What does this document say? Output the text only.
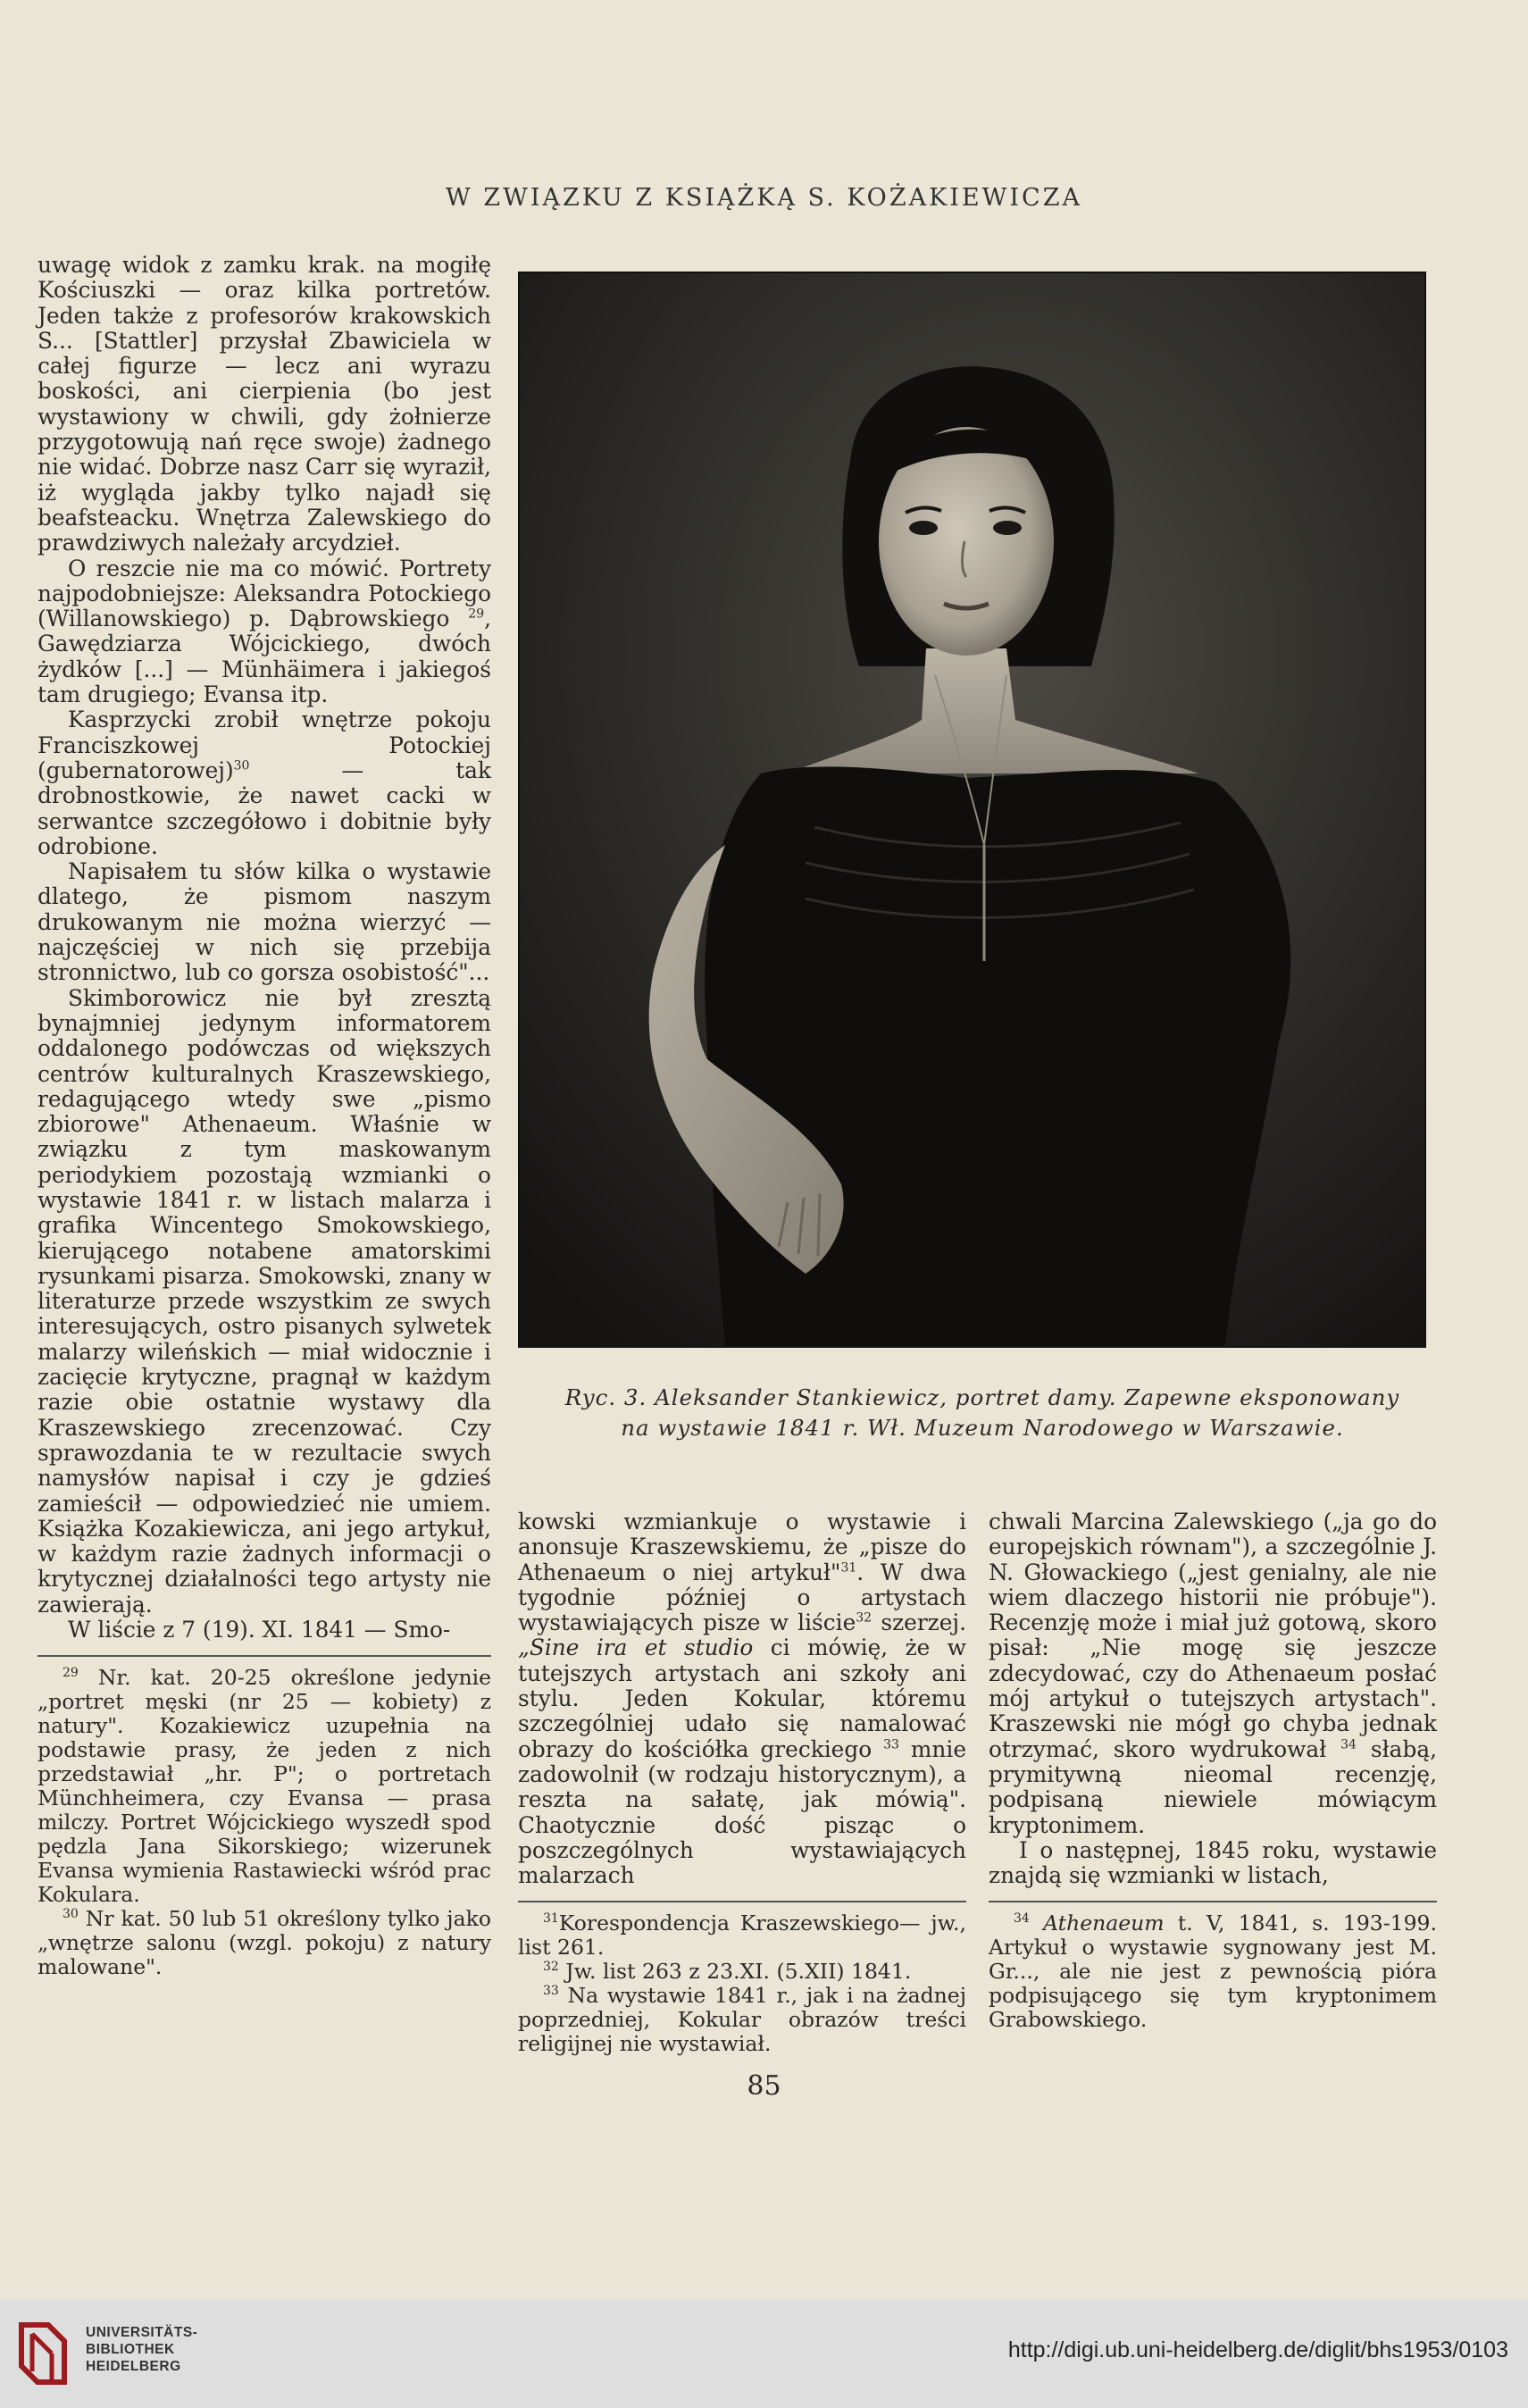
W ZWIĄZKU Z KSIĄŻKĄ S. KOŻAKIEWICZA

uwagę widok z zamku krak. na mogiłę Kościuszki — oraz kilka portretów. Jeden także z profesorów krakowskich S... [Stattler] przysłał Zbawiciela w całej figurze — lecz ani wyrazu boskości, ani cierpienia (bo jest wystawiony w chwili, gdy żołnierze przygotowują nań ręce swoje) żadnego nie widać. Dobrze nasz Carr się wyraził, iż wygląda jakby tylko najadł się beafsteacku. Wnętrza Zalewskiego do prawdziwych należały arcydzieł.

O reszcie nie ma co mówić. Portrety najpodobniejsze: Aleksandra Potockiego (Willanowskiego) p. Dąbrowskiego $^{29}$, Gawędziarza Wójcickiego, dwóch żydków [...] — Münhäimera i jakiegoś tam drugiego; Evansa itp.

Kasprzycki zrobił wnętrze pokoju Franciszkowej Potockiej (gubernatorowej)$^{30}$ — tak drobnostkowie, że nawet cacki w serwantce szczegółowo i dobitnie były odrobione.

Napisałem tu słów kilka o wystawie dlatego, że pismom naszym drukowanym nie można wierzyć — najczęściej w nich się przebija stronnictwo, lub co gorsza osobistość"...

Skimborowicz nie był zresztą bynajmniej jedynym informatorem oddalonego podówczas od większych centrów kulturalnych Kraszewskiego, redagującego wtedy swe „pismo zbiorowe" Athenaeum. Właśnie w związku z tym maskowanym periodykiem pozostają wzmianki o wystawie 1841 r. w listach malarza i grafika Wincentego Smokowskiego, kierującego notabene amatorskimi rysunkami pisarza. Smokowski, znany w literaturze przede wszystkim ze swych interesujących, ostro pisanych sylwetek malarzy wileńskich — miał widocznie i zacięcie krytyczne, pragnął w każdym razie obie ostatnie wystawy dla Kraszewskiego zrecenzować. Czy sprawozdania te w rezultacie swych namysłów napisał i czy je gdzieś zamieścił — odpowiedzieć nie umiem. Książka Kozakiewicza, ani jego artykuł, w każdym razie żadnych informacji o krytycznej działalności tego artysty nie zawierają.

W liście z 7 (19). XI. 1841 — Smo-

$^{29}$ Nr. kat. 20-25 określone jedynie „portret męski (nr 25 — kobiety) z natury". Kozakiewicz uzupełnia na podstawie prasy, że jeden z nich przedstawiał „hr. P"; o portretach Münchheimera, czy Evansa — prasa milczy. Portret Wójcickiego wyszedł spod pędzla Jana Sikorskiego; wizerunek Evansa wymienia Rastawiecki wśród prac Kokulara.

$^{30}$ Nr kat. 50 lub 51 określony tylko jako „wnętrze salonu (wzgl. pokoju) z natury malowane".

Ryc. 3. Aleksander Stankiewicz, portret damy. Zapewne eksponowany
na wystawie 1841 r. Wł. Muzeum Narodowego w Warszawie.

kowski wzmiankuje o wystawie i anonsuje Kraszewskiemu, że „pisze do Athenaeum o niej artykuł"$^{31}$. W dwa tygodnie później o artystach wystawiających pisze w liście$^{32}$ szerzej. „Sine ira et studio ci mówię, że w tutejszych artystach ani szkoły ani stylu. Jeden Kokular, któremu szczególniej udało się namalować obrazy do kościółka greckiego $^{33}$ mnie zadowolnił (w rodzaju historycznym), a reszta na sałatę, jak mówią". Chaotycznie dość pisząc o poszczególnych wystawiających malarzach

$^{31}$Korespondencja Kraszewskiego— jw., list 261.

$^{32}$ Jw. list 263 z 23.XI. (5.XII) 1841.

$^{33}$ Na wystawie 1841 r., jak i na żadnej poprzedniej, Kokular obrazów treści religijnej nie wystawiał.

chwali Marcina Zalewskiego („ja go do europejskich równam"), a szczególnie J. N. Głowackiego („jest genialny, ale nie wiem dlaczego historii nie próbuje"). Recenzję może i miał już gotową, skoro pisał: „Nie mogę się jeszcze zdecydować, czy do Athenaeum posłać mój artykuł o tutejszych artystach". Kraszewski nie mógł go chyba jednak otrzymać, skoro wydrukował $^{34}$ słabą, prymitywną nieomal recenzję, podpisaną niewiele mówiącym kryptonimem.

I o następnej, 1845 roku, wystawie znajdą się wzmianki w listach,

$^{34}$ Athenaeum t. V, 1841, s. 193-199. Artykuł o wystawie sygnowany jest M. Gr..., ale nie jest z pewnością pióra podpisującego się tym kryptonimem Grabowskiego.

85
UNIVERSITÄTS-
BIBLIOTHEK
HEIDELBERG
http://digi.ub.uni-heidelberg.de/diglit/bhs1953/0103
